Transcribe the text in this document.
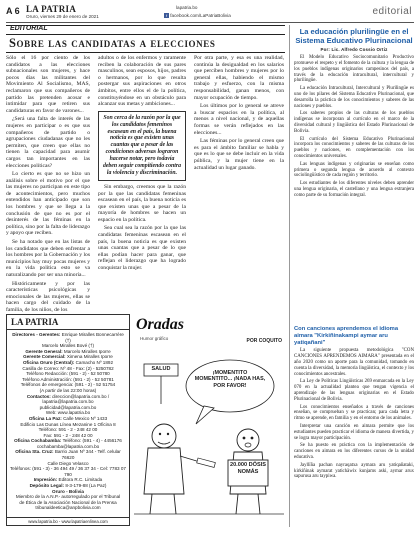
A 6 LA PATRIA
Oruro, viernes 29 de enero de 2021
lapatria.bo
f facebook.com/LaPatriaBolivia	editorial
EDITORIAL
Sobre las candidatas a elecciones

Sólo el 16 por ciento de los candidatos a las elecciones subnacionales son mujeres, y hace pocos días las militantes del Movimiento Al Socialismo, MAS, reclamaron que sus compañeros de partido las pretenden acosar e intimidar para que retiren sus candidaturas en favor de varones...

¿Será una falta de interés de las mujeres en participar o es que sus compañeros de partido o agrupaciones ciudadanas que no les permiten, que creen que ellas no tienen la capacidad para asumir cargos tan importantes en las elecciones políticas?

Lo cierto es que no se hizo un análisis sobre el motivo por el que las mujeres no participan en este tipo de acontecimientos, pero muchos entendidos han anticipado que son los hombres y que se llega a la conclusión de que no es por el desinterés de las féminas en la política, sino por la falta de liderazgo y apoyo que reciben.

Se ha notado que en las listas de los candidatos que deben enfrentar a los hombres por la Gobernación y los municipios hay muy pocas mujeres y en la vida política esto se va naturalizando por ser una minoría...

Históricamente y por las características psicológicas y emocionales de las mujeres, ellas se hacen cargo del cuidado de la familia, de los niños, de los

adultos o de los enfermos y raramente reciben la colaboración de sus pares masculinos, sean esposos, hijos, padres o hermanos, por lo que resulta postergar sus aspiraciones en otros ámbitos, entre ellos el de la política, constituyéndose en un obstáculo para alcanzar sus metas y ambiciones...

Son cerca de la razón por la que los candidatos femeninos escasean en el país, la buena noticia es que existen unas cuantas que a pesar de las condiciones adversas lograron hacerse notar, pero todavía deben seguir compitiendo contra la violencia y discriminación.

Sin embargo, creemos que la razón por la que las candidatas femeninas escasean en el país, la buena noticia es que existen unas que a pesar de la mayoría de hombres se hacen un espacio en la política.

Sea cual sea la razón por la que las candidatas femeninas escasean en el país, la buena noticia es que existen unas cuantas que a pesar de lo que ellas podían hacer para ganar, que reflejan el liderazgo que ha logrado conquistar la mujer.

Por otra parte, y esa es una realidad, continúa la desigualdad en los salarios que perciben hombres y mujeres por lo general ellas, habiendo el mismo trabajo y esfuerzo, con la misma responsabilidad, ganan menos, con mayor ocupación de tiempo.

Los últimos por lo general se atreve a buscar espacios en la política, al menos a nivel nacional, y de aquellas formas se verán reflejados en las elecciones...

Las féminas por lo general creen que es para el ámbito familiar se habla y que es lo que se debe incluir en la vida pública, y la mujer tiene en la actualidad un lugar ganado.

La educación plurilingüe en el Sistema Educativo Plurinacional
Por: Lic. Alfredo Cossio Ortiz

El Modelo Educativo Sociocomunitario Productivo promueve el respeto y el fomento de la cultura y la lengua de los pueblos indígenas originarios campesinos del país, a través de la educación intracultural, intercultural y plurilingüe.

La educación Intracultural, Intercultural y Plurilingüe es uno de los pilares del Sistema Educativo Plurinacional, que desarrolla la práctica de los conocimientos y saberes de las naciones y pueblos.

Los saberes propios de las culturas de los pueblos indígenas se incorporan al currículo en el marco de la diversidad cultural y lingüística del Estado Plurinacional de Bolivia.

El currículo del Sistema Educativo Plurinacional incorpora los conocimientos y saberes de las culturas de los pueblos y naciones, en complementación con los conocimientos universales.

Las lenguas indígenas y originarias se enseñan como primera o segunda lengua de acuerdo al contexto sociolingüístico de cada región y territorio.

Los estudiantes de los diferentes niveles deben aprender una lengua originaria, el castellano y una lengua extranjera como parte de su formación integral.

Con canciones aprendemos el idioma aimara "Kirkiñinakampi aymar aru yatiqañani"

La siguiente propuesta metodológica "CON CANCIONES APRENDEMOS AIMARA" presentada en el año 2020 como un aporte para la comunidad, tomando en cuenta la diversidad, la memoria lingüística, el contexto y los conocimientos ancestrales.

La Ley de Políticas Lingüísticas 269 enmarcada en la Ley 070 en la actualidad plantea que tengan vigencia el aprendizaje de las lenguas originarias en el Estado Plurinacional de Bolivia.

Los conocimientos enseñados a través de canciones enseñan, se comprueban y se practican; para cada letra y ritmo se aprende, en familia y en el entorno de los animales.

Interpretar una canción en aimara permite que los estudiantes pueden practicar el idioma de manera divertida, y se logra mayor participación.

Se ha puesto en práctica con la implementación de canciones en aimara en los diferentes cursos de la unidad educativa.

Jayllïña pachan nayraqatxa aymara aru yatiqañataki, kirkiñinak aymarat yatichäwix kunjams aski, aymar arux sapurusa aru taypiwa.

LA PATRIA
Directores - Gerentes: Enrique Miralles Bonnecarrère (†)
Marcelo Miralles Bové (†)
Gerente General: Marcelo Miralles Iporre
Gerente Comercial: Ximena Miralles Iporre
Oficina Oruro (Central): Camacho Nº 1892
Casilla de Correo: Nº 48 - Fax: (2) - 5250782
Teléfono Redacción: (591 - 2) - 52 50780
Teléfono Administración: (591 - 2) - 52 50781
Teléfonos de emergencia: (591 - 2) - 52 51754
(A partir de las 22:00 horas)
Contactos: direccion@lapatria.com.bo / lapatria@lapatria.com.bo
publicidad@lapatria.com.bo
Web: www.lapatria.bo
Oficina La Paz: Calle Mexico Nº 1433
Edificio Las Dunas Línea Mezanine 1 Oficina 8
Teléfono: 591 - 2 - 248 42 00
Fax: 591 - 2 - 248 42 00
Oficina Cochabamba: Teléfono: (591 - 4) - 4456176
cochabamba@lapatria.com.bo
Oficina Sta. Cruz: Barrio Juan Nº 344 - Telf. celular 76620
Calle Diego Velasco
Teléfonos: (591 - 3) - 36 494 49 / 36 37 34 - Cel: 7783 07 790
Impresión: Editora R.C. Limitada
Depósito Legal: 8-3-179-88 (La Paz)
Oruro - Bolivia
Miembro de la A.N.P.- autorregulado por el Tribunal
de Ética de la Asociación Nacional de la Prensa
tribunaldeetica@anpbolivia.com
www.lapatria.bo - www.lapatriaenlinea.com
Oradas
Humor gráfico	POR COQUITO
SALUD
¡MOMENTITO MOMENTITO... ¡NADA HAS, POR FAVOR!
20.000 DÓSIS NOMÁS
